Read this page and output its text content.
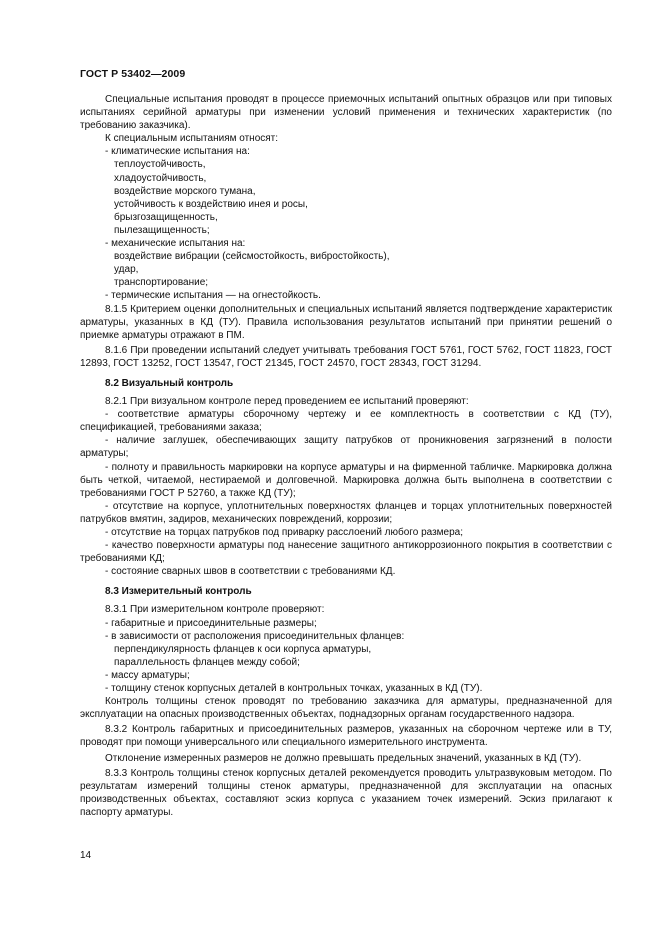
ГОСТ Р 53402—2009

Специальные испытания проводят в процессе приемочных испытаний опытных образцов или при типовых испытаниях серийной арматуры при изменении условий применения и технических характеристик (по требованию заказчика).

К специальным испытаниям относят:

- климатические испытания на:

теплоустойчивость,

хладоустойчивость,

воздействие морского тумана,

устойчивость к воздействию инея и росы,

брызгозащищенность,

пылезащищенность;

- механические испытания на:

воздействие вибрации (сейсмостойкость, вибростойкость),

удар,

транспортирование;

- термические испытания — на огнестойкость.

8.1.5 Критерием оценки дополнительных и специальных испытаний является подтверждение характеристик арматуры, указанных в КД (ТУ). Правила использования результатов испытаний при принятии решений о приемке арматуры отражают в ПМ.

8.1.6 При проведении испытаний следует учитывать требования ГОСТ 5761, ГОСТ 5762, ГОСТ 11823, ГОСТ 12893, ГОСТ 13252, ГОСТ 13547, ГОСТ 21345, ГОСТ 24570, ГОСТ 28343, ГОСТ 31294.

8.2 Визуальный контроль

8.2.1 При визуальном контроле перед проведением ее испытаний проверяют:

- соответствие арматуры сборочному чертежу и ее комплектность в соответствии с КД (ТУ), спецификацией, требованиями заказа;

- наличие заглушек, обеспечивающих защиту патрубков от проникновения загрязнений в полости арматуры;

- полноту и правильность маркировки на корпусе арматуры и на фирменной табличке. Маркировка должна быть четкой, читаемой, нестираемой и долговечной. Маркировка должна быть выполнена в соответствии с требованиями ГОСТ Р 52760, а также КД (ТУ);

- отсутствие на корпусе, уплотнительных поверхностях фланцев и торцах уплотнительных поверхностей патрубков вмятин, задиров, механических повреждений, коррозии;

- отсутствие на торцах патрубков под приварку расслоений любого размера;

- качество поверхности арматуры под нанесение защитного антикоррозионного покрытия в соответствии с требованиями КД;

- состояние сварных швов в соответствии с требованиями КД.

8.3 Измерительный контроль

8.3.1 При измерительном контроле проверяют:

- габаритные и присоединительные размеры;

- в зависимости от расположения присоединительных фланцев:

перпендикулярность фланцев к оси корпуса арматуры,

параллельность фланцев между собой;

- массу арматуры;

- толщину стенок корпусных деталей в контрольных точках, указанных в КД (ТУ).

Контроль толщины стенок проводят по требованию заказчика для арматуры, предназначенной для эксплуатации на опасных производственных объектах, поднадзорных органам государственного надзора.

8.3.2 Контроль габаритных и присоединительных размеров, указанных на сборочном чертеже или в ТУ, проводят при помощи универсального или специального измерительного инструмента.

Отклонение измеренных размеров не должно превышать предельных значений, указанных в КД (ТУ).

8.3.3 Контроль толщины стенок корпусных деталей рекомендуется проводить ультразвуковым методом. По результатам измерений толщины стенок арматуры, предназначенной для эксплуатации на опасных производственных объектах, составляют эскиз корпуса с указанием точек измерений. Эскиз прилагают к паспорту арматуры.

14
